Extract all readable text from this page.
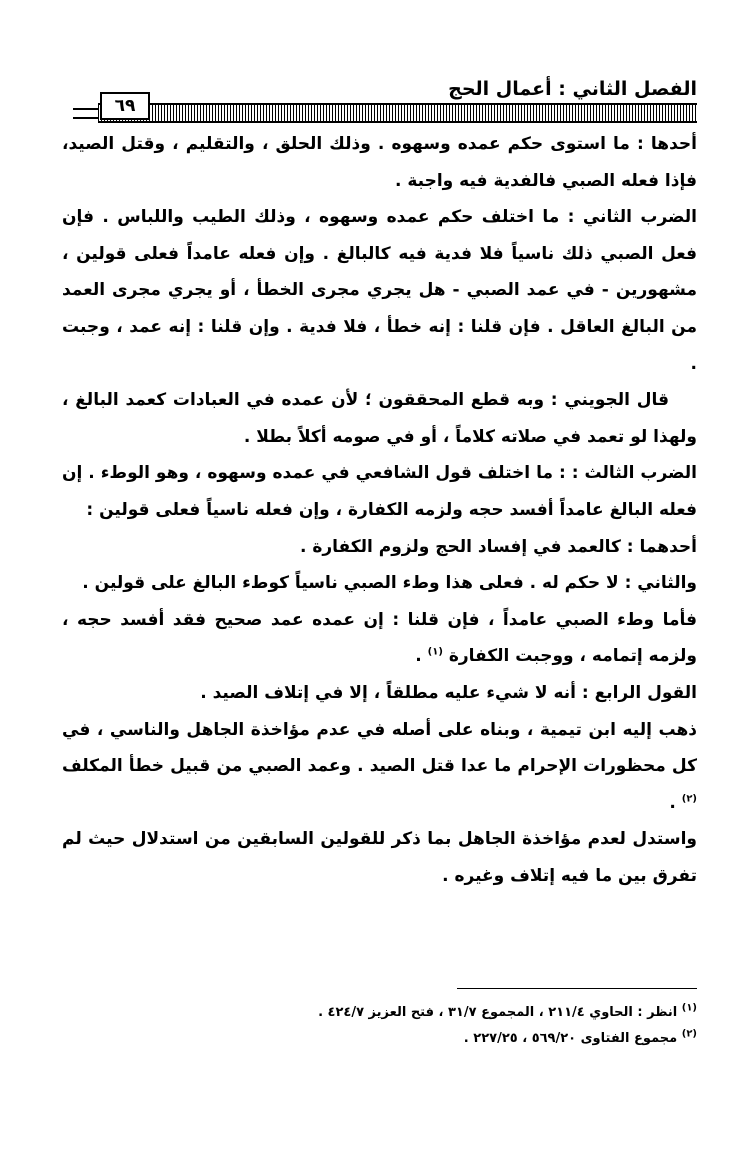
الفصل الثاني : أعمال الحج
٦٩

أحدها : ما استوى حكم عمده وسهوه . وذلك الحلق ، والتقليم ، وقتل الصيد، فإذا فعله الصبي فالفدية فيه واجبة .

الضرب الثاني : ما اختلف حكم عمده وسهوه ، وذلك الطيب واللباس . فإن فعل الصبي ذلك ناسياً فلا فدية فيه كالبالغ . وإن فعله عامداً فعلى قولين ، مشهورين - في عمد الصبي - هل يجري مجرى الخطأ ، أو يجري مجرى العمد من البالغ العاقل . فإن قلنا : إنه خطأ ، فلا فدية . وإن قلنا : إنه عمد ، وجبت .

قال الجويني : وبه قطع المحققون ؛ لأن عمده في العبادات كعمد البالغ ، ولهذا لو تعمد في صلاته كلاماً ، أو في صومه أكلاً بطلا .

الضرب الثالث : : ما اختلف قول الشافعي في عمده وسهوه ، وهو الوطء . إن فعله البالغ عامداً أفسد حجه ولزمه الكفارة ، وإن فعله ناسياً فعلى قولين :

أحدهما : كالعمد في إفساد الحج ولزوم الكفارة .

والثاني : لا حكم له . فعلى هذا وطء الصبي ناسياً كوطء البالغ على قولين .

فأما وطء الصبي عامداً ، فإن قلنا : إن عمده عمد صحيح فقد أفسد حجه ، ولزمه إتمامه ، ووجبت الكفارة $^{(١)}$ .

القول الرابع : أنه لا شيء عليه مطلقاً ، إلا في إتلاف الصيد .

ذهب إليه ابن تيمية ، وبناه على أصله في عدم مؤاخذة الجاهل والناسي ، في كل محظورات الإحرام ما عدا قتل الصيد . وعمد الصبي من قبيل خطأ المكلف $^{(٢)}$ .

واستدل لعدم مؤاخذة الجاهل بما ذكر للقولين السابقين من استدلال حيث لم تفرق بين ما فيه إتلاف وغيره .

$^{(١)}$ انظر : الحاوي ٢١١/٤ ، المجموع ٣١/٧ ، فتح العزيز ٤٢٤/٧ .

$^{(٢)}$ مجموع الفتاوى ٥٦٩/٢٠ ، ٢٢٧/٢٥ .
